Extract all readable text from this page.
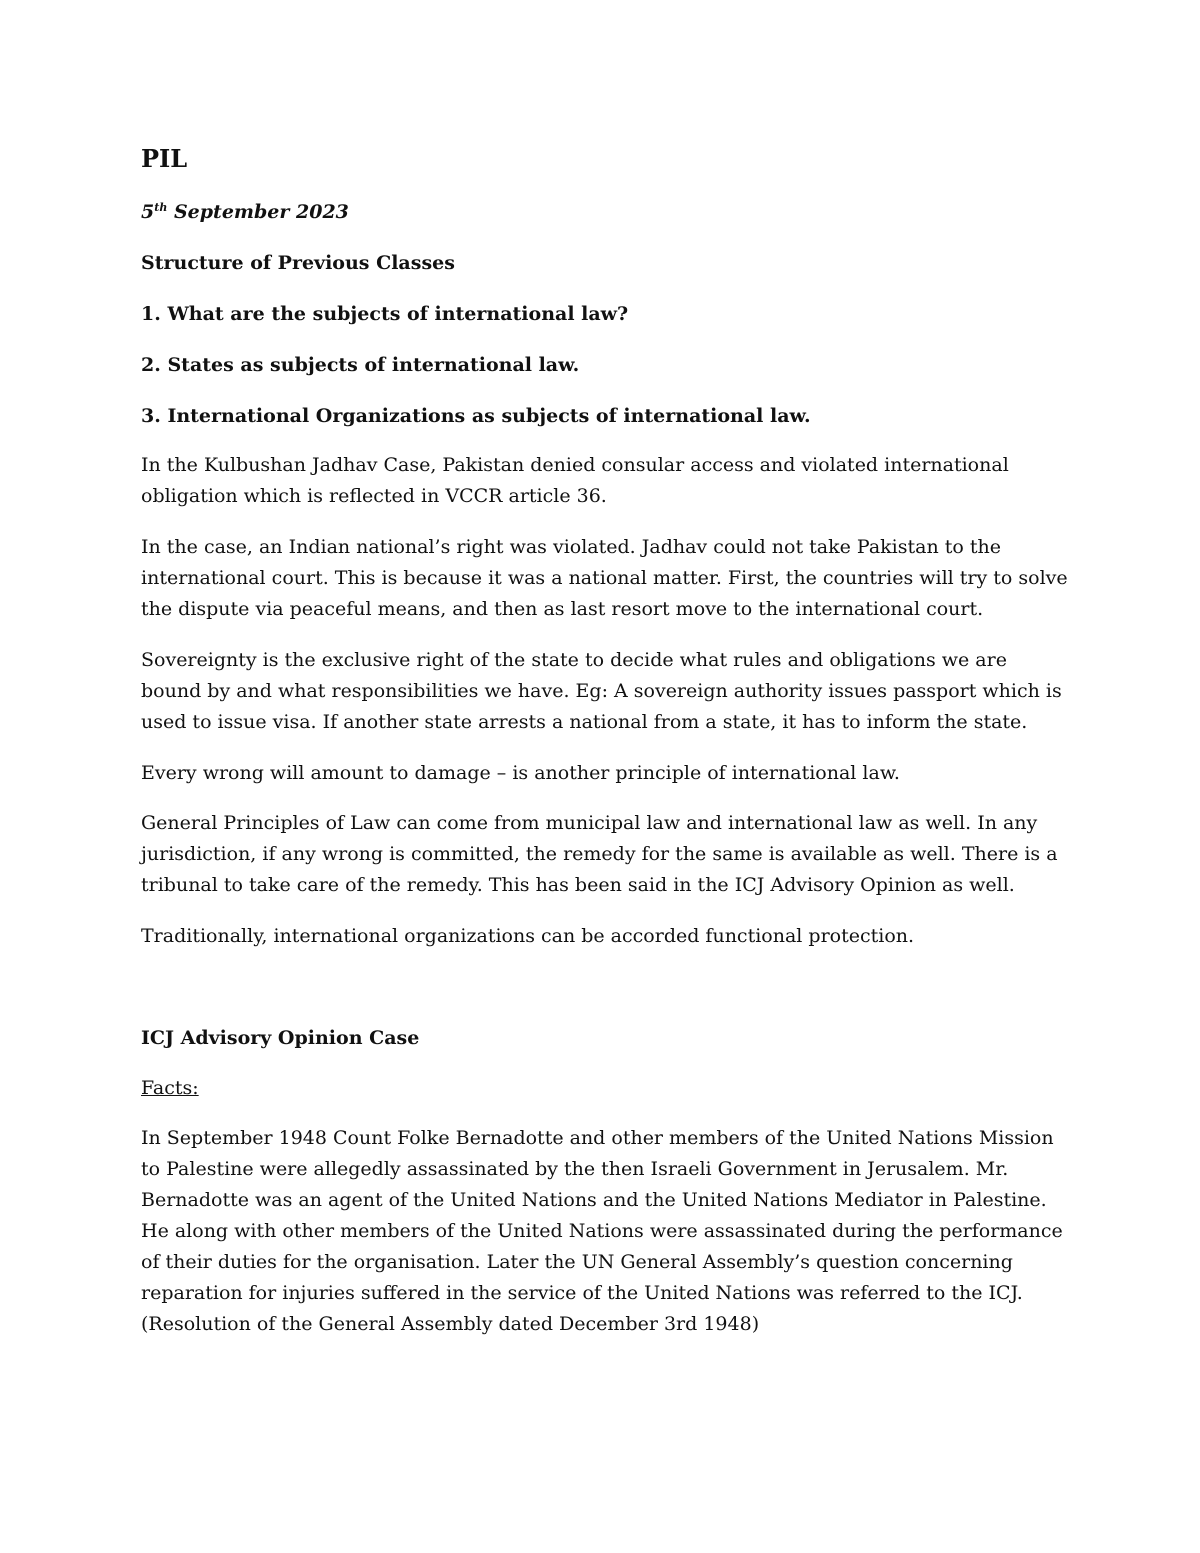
PIL
5th September 2023
Structure of Previous Classes
1. What are the subjects of international law?
2. States as subjects of international law.
3. International Organizations as subjects of international law.

In the Kulbushan Jadhav Case, Pakistan denied consular access and violated international obligation which is reflected in VCCR article 36.

In the case, an Indian national’s right was violated. Jadhav could not take Pakistan to the international court. This is because it was a national matter. First, the countries will try to solve the dispute via peaceful means, and then as last resort move to the international court.

Sovereignty is the exclusive right of the state to decide what rules and obligations we are bound by and what responsibilities we have. Eg: A sovereign authority issues passport which is used to issue visa. If another state arrests a national from a state, it has to inform the state.

Every wrong will amount to damage – is another principle of international law.

General Principles of Law can come from municipal law and international law as well. In any jurisdiction, if any wrong is committed, the remedy for the same is available as well. There is a tribunal to take care of the remedy. This has been said in the ICJ Advisory Opinion as well.

Traditionally, international organizations can be accorded functional protection.

ICJ Advisory Opinion Case
Facts:

In September 1948 Count Folke Bernadotte and other members of the United Nations Mission to Palestine were allegedly assassinated by the then Israeli Government in Jerusalem. Mr. Bernadotte was an agent of the United Nations and the United Nations Mediator in Palestine. He along with other members of the United Nations were assassinated during the performance of their duties for the organisation. Later the UN General Assembly’s question concerning reparation for injuries suffered in the service of the United Nations was referred to the ICJ. (Resolution of the General Assembly dated December 3rd 1948)
